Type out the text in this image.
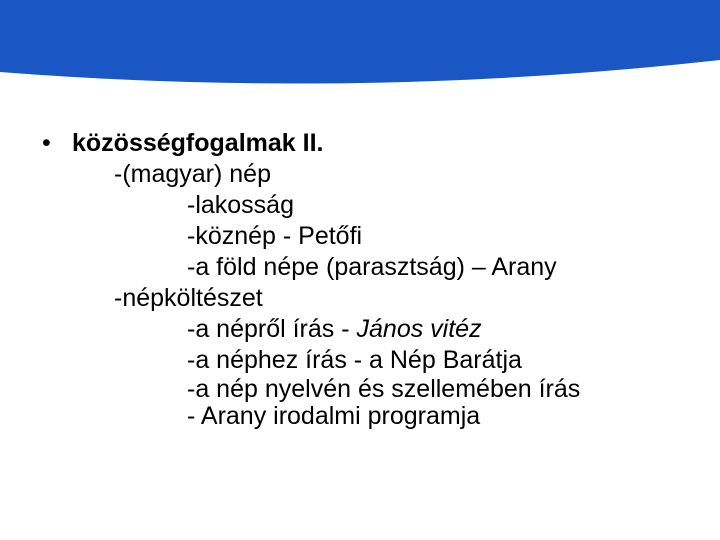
• közösségfogalmak II.
-(magyar) nép
-lakosság
-köznép - Petőfi
-a föld népe (parasztság) – Arany
-népköltészet
-a népről írás - János vitéz
-a néphez írás - a Nép Barátja
-a nép nyelvén és szellemében írás
- Arany irodalmi programja
